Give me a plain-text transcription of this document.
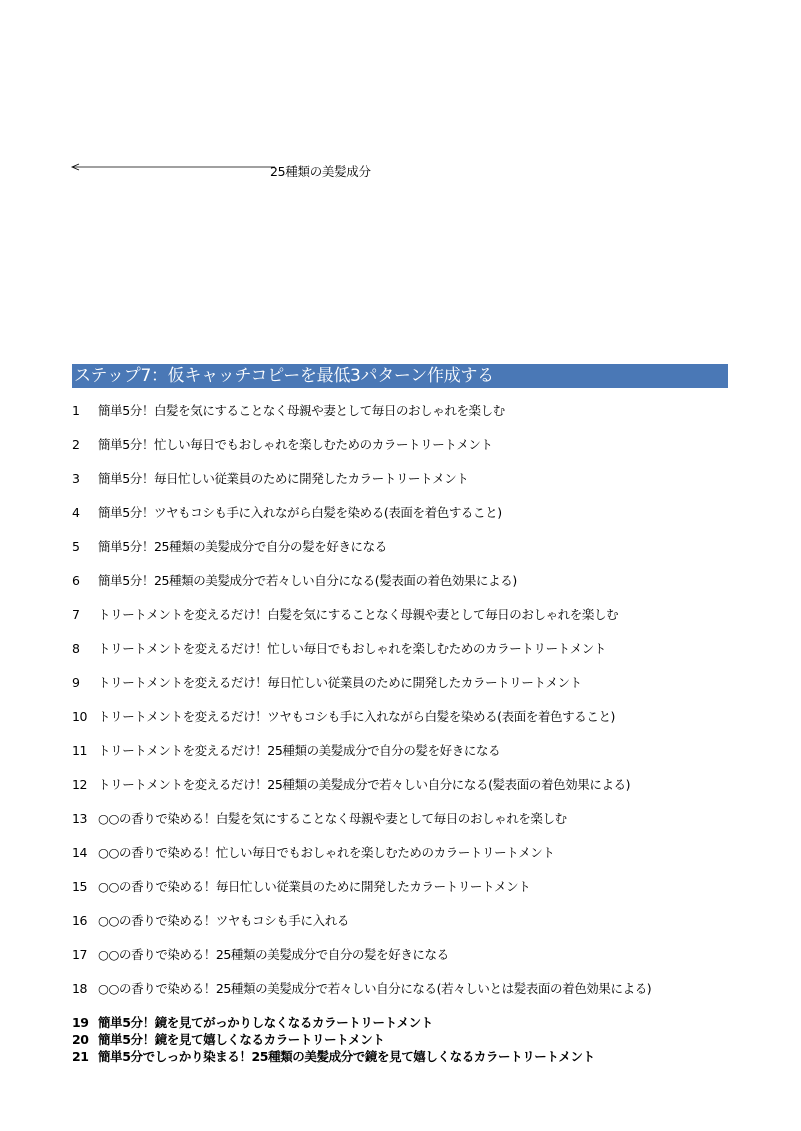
25種類の美髪成分
ステップ7：仮キャッチコピーを最低3パターン作成する
1 簡単5分！白髪を気にすることなく母親や妻として毎日のおしゃれを楽しむ
2 簡単5分！忙しい毎日でもおしゃれを楽しむためのカラートリートメント
3 簡単5分！毎日忙しい従業員のために開発したカラートリートメント
4 簡単5分！ツヤもコシも手に入れながら白髪を染める(表面を着色すること)
5 簡単5分！25種類の美髪成分で自分の髪を好きになる
6 簡単5分！25種類の美髪成分で若々しい自分になる(髪表面の着色効果による)
7 トリートメントを変えるだけ！白髪を気にすることなく母親や妻として毎日のおしゃれを楽しむ
8 トリートメントを変えるだけ！忙しい毎日でもおしゃれを楽しむためのカラートリートメント
9 トリートメントを変えるだけ！毎日忙しい従業員のために開発したカラートリートメント
10 トリートメントを変えるだけ！ツヤもコシも手に入れながら白髪を染める(表面を着色すること)
11 トリートメントを変えるだけ！25種類の美髪成分で自分の髪を好きになる
12 トリートメントを変えるだけ！25種類の美髪成分で若々しい自分になる(髪表面の着色効果による)
13 ○○の香りで染める！白髪を気にすることなく母親や妻として毎日のおしゃれを楽しむ
14 ○○の香りで染める！忙しい毎日でもおしゃれを楽しむためのカラートリートメント
15 ○○の香りで染める！毎日忙しい従業員のために開発したカラートリートメント
16 ○○の香りで染める！ツヤもコシも手に入れる
17 ○○の香りで染める！25種類の美髪成分で自分の髪を好きになる
18 ○○の香りで染める！25種類の美髪成分で若々しい自分になる(若々しいとは髪表面の着色効果による)
19 簡単5分！鏡を見てがっかりしなくなるカラートリートメント
20 簡単5分！鏡を見て嬉しくなるカラートリートメント
21 簡単5分でしっかり染まる！25種類の美髪成分で鏡を見て嬉しくなるカラートリートメント
